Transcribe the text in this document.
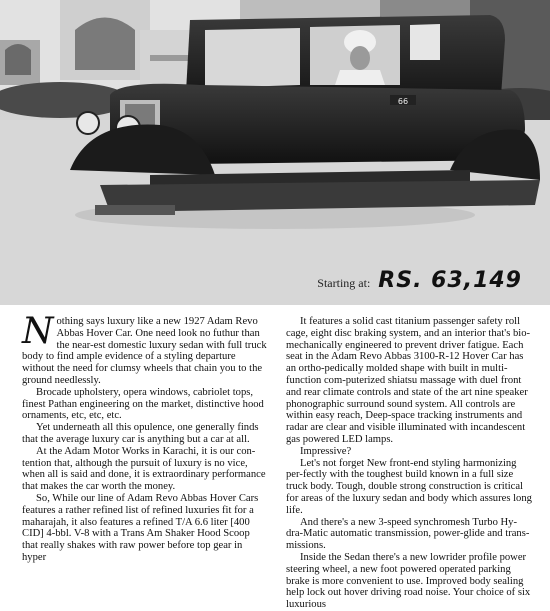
66
Starting at: RS. 63,149

Nothing says luxury like a new 1927 Adam Revo Abbas Hover Car. One need look no futhur than the near-est domestic luxury sedan with full truck body to find ample evidence of a styling departure without the need for clumsy wheels that chain you to the ground needlessly.

Brocade upholstery, opera windows, cabriolet tops, finest Pathan engineering on the market, distinctive hood ornaments, etc, etc, etc.

Yet underneath all this opulence, one generally finds that the average luxury car is anything but a car at all.

At the Adam Motor Works in Karachi, it is our con-tention that, although the pursuit of luxury is no vice, when all is said and done, it is extraordinary performance that makes the car worth the money.

So, While our line of Adam Revo Abbas Hover Cars features a rather refined list of refined luxuries fit for a maharajah, it also features a refined T/A 6.6 liter [400 CID] 4-bbl. V-8 with a Trans Am Shaker Hood Scoop that really shakes with raw power before top gear in hyper

It features a solid cast titanium passenger safety roll cage, eight disc braking system, and an interior that's bio-mechanically engineered to prevent driver fatigue. Each seat in the Adam Revo Abbas 3100-R-12 Hover Car has an ortho-pedically molded shape with built in multi-function com-puterized shiatsu massage with duel front and rear climate controls and state of the art nine speaker phonographic surround sound system. All controls are within easy reach, Deep-space tracking instruments and radar are clear and visible illuminated with incandescent gas powered LED lamps.

Impressive?

Let's not forget New front-end styling harmonizing per-fectly with the toughest build known in a full size truck body. Tough, double strong construction is critical for areas of the luxury sedan and body which assures long life.

And there's a new 3-speed synchromesh Turbo Hy-dra-Matic automatic transmission, power-glide and trans-missions.

Inside the Sedan there's a new lowrider profile power steering wheel, a new foot powered operated parking brake is more convenient to use. Improved body sealing help lock out hover driving road noise. Your choice of six luxurious
